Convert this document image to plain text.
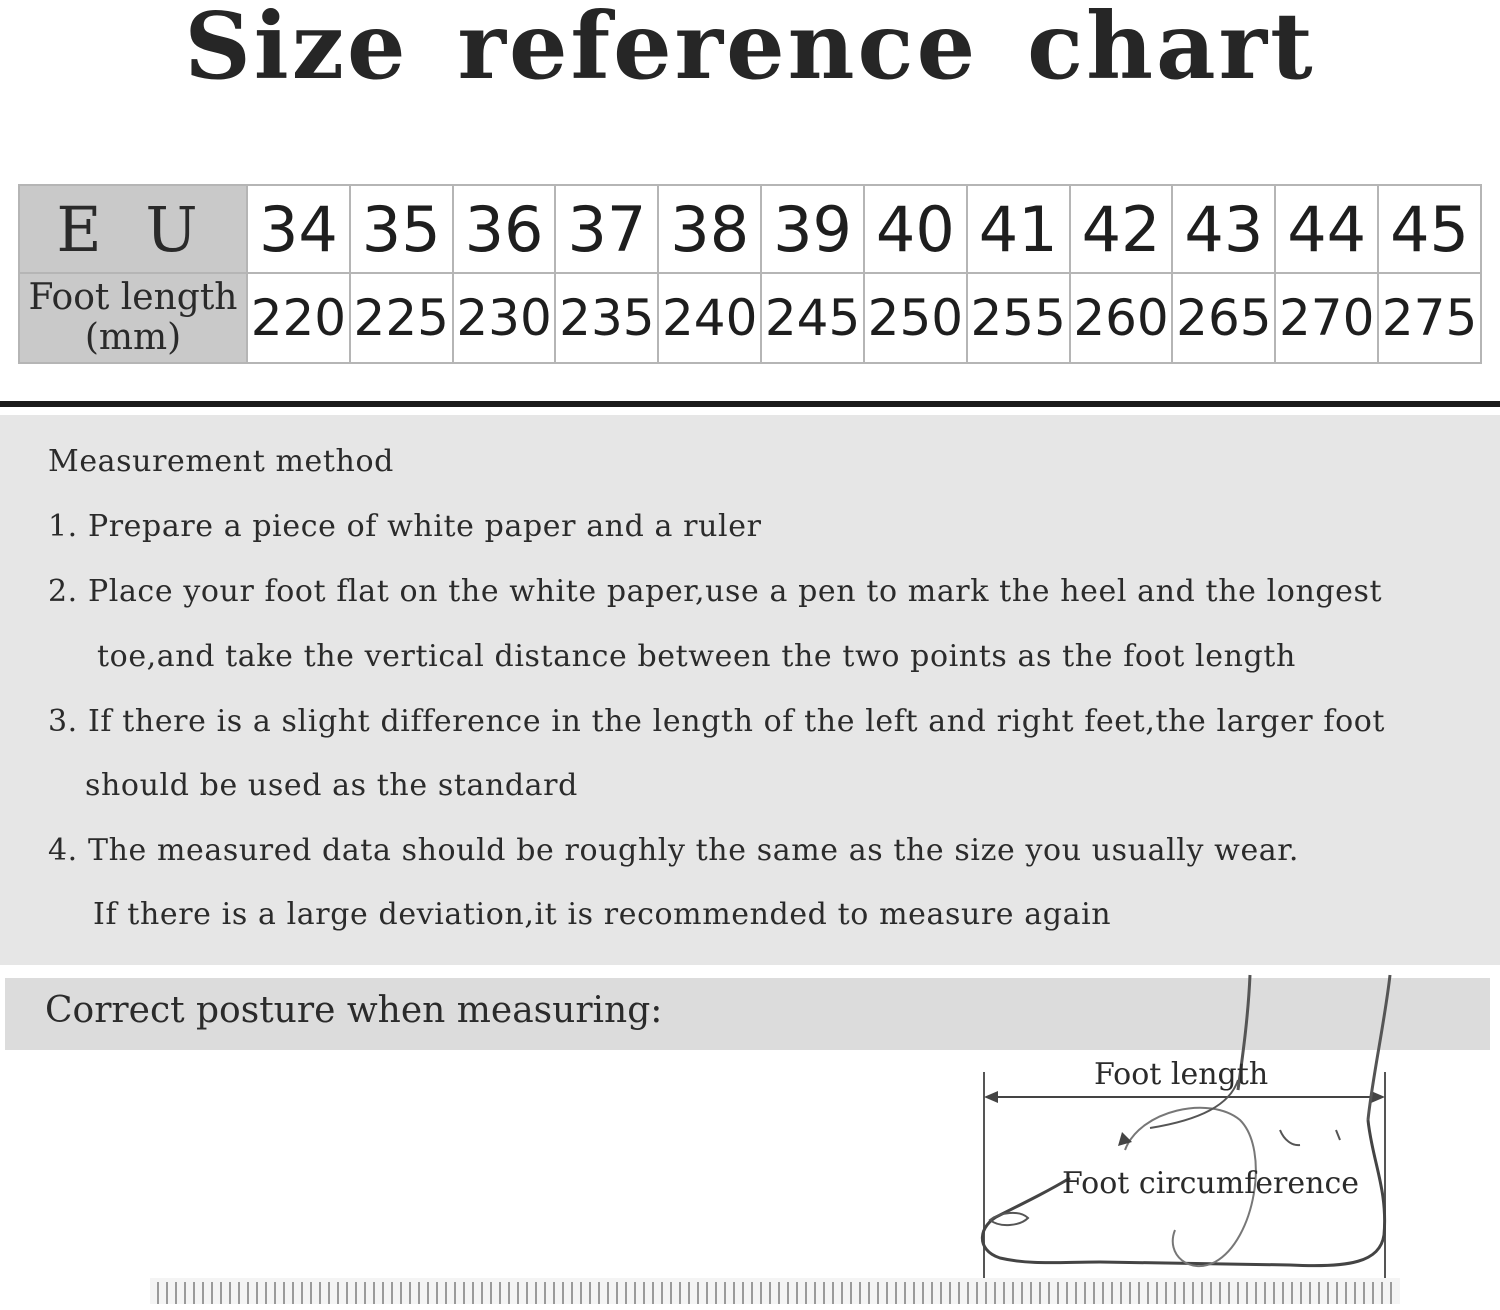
Size reference chart
E U	34	35	36	37	38	39	40	41	42	43	44	45

Foot length
(mm)	220	225	230	235	240	245	250	255	260	265	270	275
Measurement method
1. Prepare a piece of white paper and a ruler
2. Place your foot flat on the white paper,use a pen to mark the heel and the longest
toe,and take the vertical distance between the two points as the foot length
3. If there is a slight difference in the length of the left and right feet,the larger foot
should be used as the standard
4. The measured data should be roughly the same as the size you usually wear.
If there is a large deviation,it is recommended to measure again
Correct posture when measuring:
Foot length
Foot circumference
